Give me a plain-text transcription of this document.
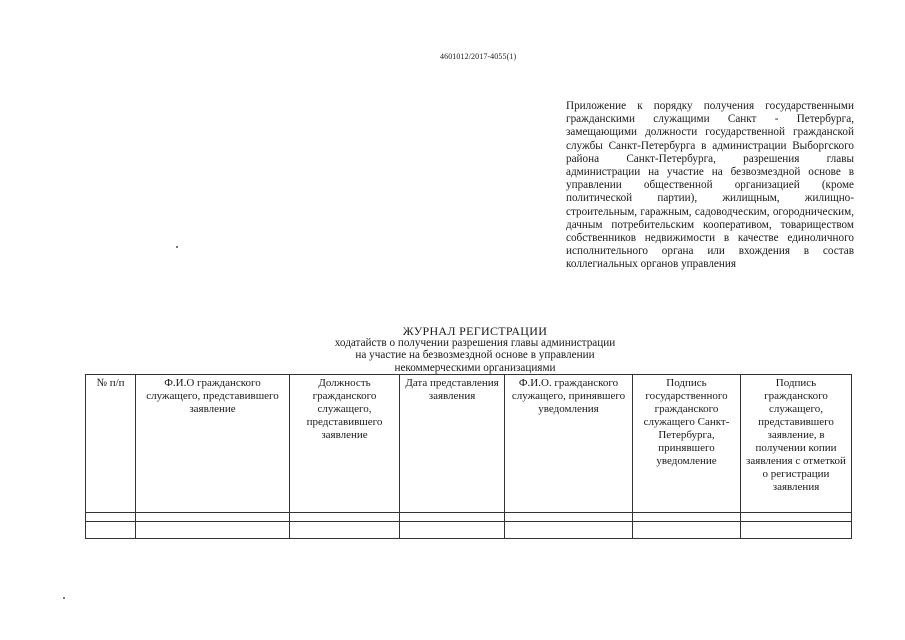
4601012/2017-4055(1)
Приложение к порядку получения государственными гражданскими служащими Санкт - Петербурга, замещающими должности государственной гражданской службы Санкт-Петербурга в администрации Выборгского района Санкт-Петербурга, разрешения главы администрации на участие на безвозмездной основе в управлении общественной организацией (кроме политической партии), жилищным, жилищно-строительным, гаражным, садоводческим, огородническим, дачным потребительским кооперативом, товариществом собственников недвижимости в качестве единоличного исполнительного органа или вхождения в состав коллегиальных органов управления
ЖУРНАЛ РЕГИСТРАЦИИ
ходатайств о получении разрешения главы администрации
на участие на безвозмездной основе в управлении
некоммерческими организациями
№ п/п	Ф.И.О гражданского служащего, представившего заявление	Должность гражданского служащего, представившего заявление	Дата представления заявления	Ф.И.О. гражданского служащего, принявшего уведомления	Подпись государственного гражданского служащего Санкт-Петербурга, принявшего уведомление	Подпись гражданского служащего, представившего заявление, в получении копии заявления с отметкой о регистрации заявления
